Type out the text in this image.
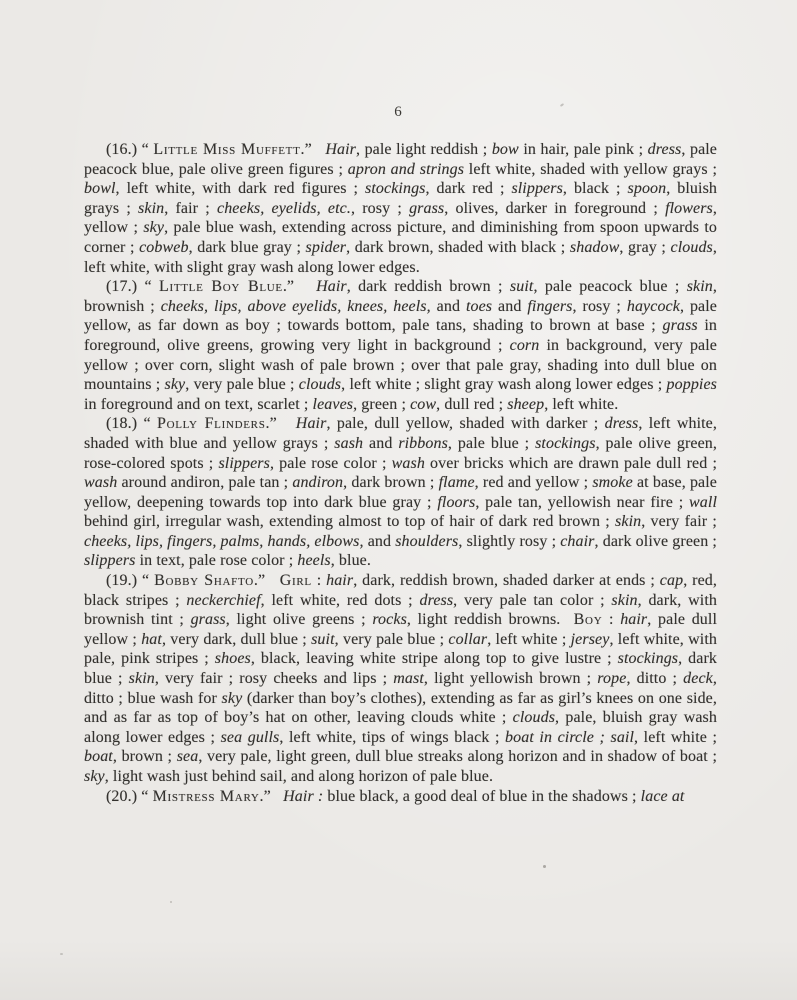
6

(16.) “ Little Miss Muffett.”   Hair, pale light reddish ; bow in hair, pale pink ; dress, pale peacock blue, pale olive green figures ; apron and strings left white, shaded with yellow grays ; bowl, left white, with dark red figures ; stockings, dark red ; slippers, black ; spoon, bluish grays ; skin, fair ; cheeks, eyelids, etc., rosy ; grass, olives, darker in foreground ; flowers, yellow ; sky, pale blue wash, extending across picture, and diminishing from spoon upwards to corner ; cobweb, dark blue gray ; spider, dark brown, shaded with black ; shadow, gray ; clouds, left white, with slight gray wash along lower edges.

(17.) “ Little Boy Blue.”   Hair, dark reddish brown ; suit, pale peacock blue ; skin, brownish ; cheeks, lips, above eyelids, knees, heels, and toes and fingers, rosy ; haycock, pale yellow, as far down as boy ; towards bottom, pale tans, shading to brown at base ; grass in foreground, olive greens, growing very light in background ; corn in background, very pale yellow ; over corn, slight wash of pale brown ; over that pale gray, shading into dull blue on mountains ; sky, very pale blue ; clouds, left white ; slight gray wash along lower edges ; poppies in foreground and on text, scarlet ; leaves, green ; cow, dull red ; sheep, left white.

(18.) “ Polly Flinders.”   Hair, pale, dull yellow, shaded with darker ; dress, left white, shaded with blue and yellow grays ; sash and ribbons, pale blue ; stockings, pale olive green, rose-colored spots ; slippers, pale rose color ; wash over bricks which are drawn pale dull red ; wash around andiron, pale tan ; andiron, dark brown ; flame, red and yellow ; smoke at base, pale yellow, deepening towards top into dark blue gray ; floors, pale tan, yellowish near fire ; wall behind girl, irregular wash, extending almost to top of hair of dark red brown ; skin, very fair ; cheeks, lips, fingers, palms, hands, elbows, and shoulders, slightly rosy ; chair, dark olive green ; slippers in text, pale rose color ; heels, blue.

(19.) “ Bobby Shafto.”   Girl : hair, dark, reddish brown, shaded darker at ends ; cap, red, black stripes ; neckerchief, left white, red dots ; dress, very pale tan color ; skin, dark, with brownish tint ; grass, light olive greens ; rocks, light reddish browns.  Boy : hair, pale dull yellow ; hat, very dark, dull blue ; suit, very pale blue ; collar, left white ; jersey, left white, with pale, pink stripes ; shoes, black, leaving white stripe along top to give lustre ; stockings, dark blue ; skin, very fair ; rosy cheeks and lips ; mast, light yellowish brown ; rope, ditto ; deck, ditto ; blue wash for sky (darker than boy’s clothes), extending as far as girl’s knees on one side, and as far as top of boy’s hat on other, leaving clouds white ; clouds, pale, bluish gray wash along lower edges ; sea gulls, left white, tips of wings black ; boat in circle ; sail, left white ; boat, brown ; sea, very pale, light green, dull blue streaks along horizon and in shadow of boat ; sky, light wash just behind sail, and along horizon of pale blue.

(20.) “ Mistress Mary.”   Hair : blue black, a good deal of blue in the shadows ; lace at
